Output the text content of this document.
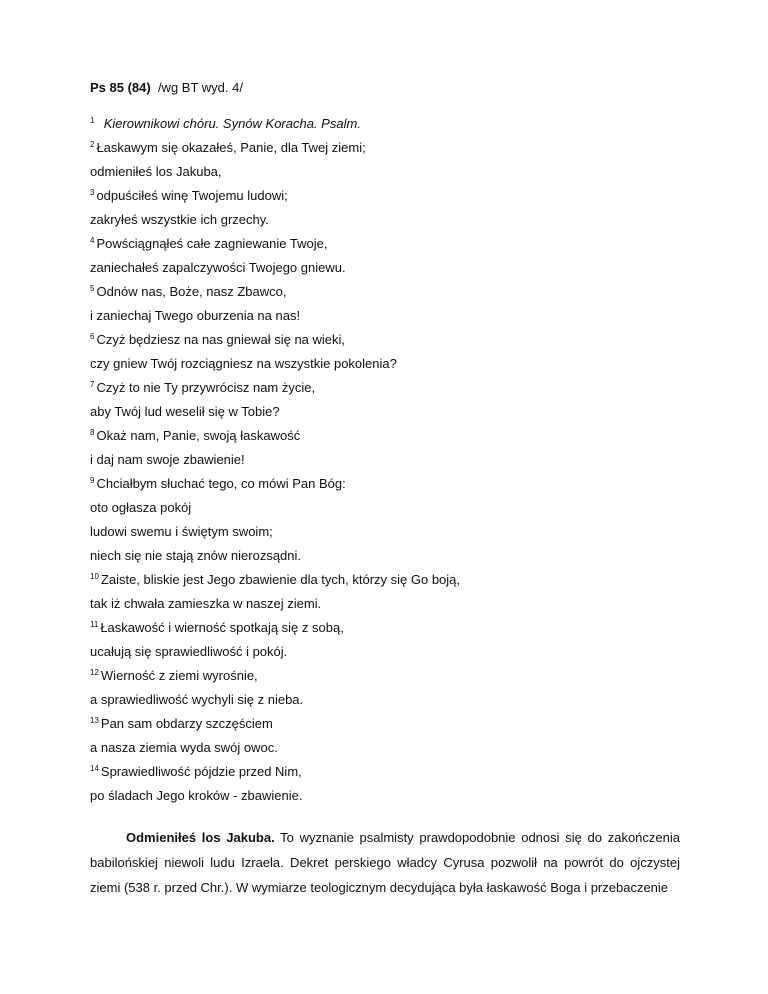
Ps 85 (84) /wg BT wyd. 4/

$^1$ Kierownikowi chóru. Synów Koracha. Psalm.
$^2$ Łaskawym się okazałeś, Panie, dla Twej ziemi;
odmieniłeś los Jakuba,
$^3$ odpuściłeś winę Twojemu ludowi;
zakryłeś wszystkie ich grzechy.
$^4$ Powściągnąłeś całe zagniewanie Twoje,
zaniechałeś zapalczywości Twojego gniewu.
$^5$ Odnów nas, Boże, nasz Zbawco,
i zaniechaj Twego oburzenia na nas!
$^6$ Czyż będziesz na nas gniewał się na wieki,
czy gniew Twój rozciągniesz na wszystkie pokolenia?
$^7$ Czyż to nie Ty przywrócisz nam życie,
aby Twój lud weselił się w Tobie?
$^8$ Okaż nam, Panie, swoją łaskawość
i daj nam swoje zbawienie!
$^9$ Chciałbym słuchać tego, co mówi Pan Bóg:
oto ogłasza pokój
ludowi swemu i świętym swoim;
niech się nie stają znów nierozsądni.
$^{10}$ Zaiste, bliskie jest Jego zbawienie dla tych, którzy się Go boją,
tak iż chwała zamieszka w naszej ziemi.
$^{11}$ Łaskawość i wierność spotkają się z sobą,
ucałują się sprawiedliwość i pokój.
$^{12}$ Wierność z ziemi wyrośnie,
a sprawiedliwość wychyli się z nieba.
$^{13}$ Pan sam obdarzy szczęściem
a nasza ziemia wyda swój owoc.
$^{14}$ Sprawiedliwość pójdzie przed Nim,
po śladach Jego kroków - zbawienie.

Odmieniłeś los Jakuba. To wyznanie psalmisty prawdopodobnie odnosi się do zakończenia babilońskiej niewoli ludu Izraela. Dekret perskiego władcy Cyrusa pozwolił na powrót do ojczystej ziemi (538 r. przed Chr.). W wymiarze teologicznym decydująca była łaskawość Boga i przebaczenie
